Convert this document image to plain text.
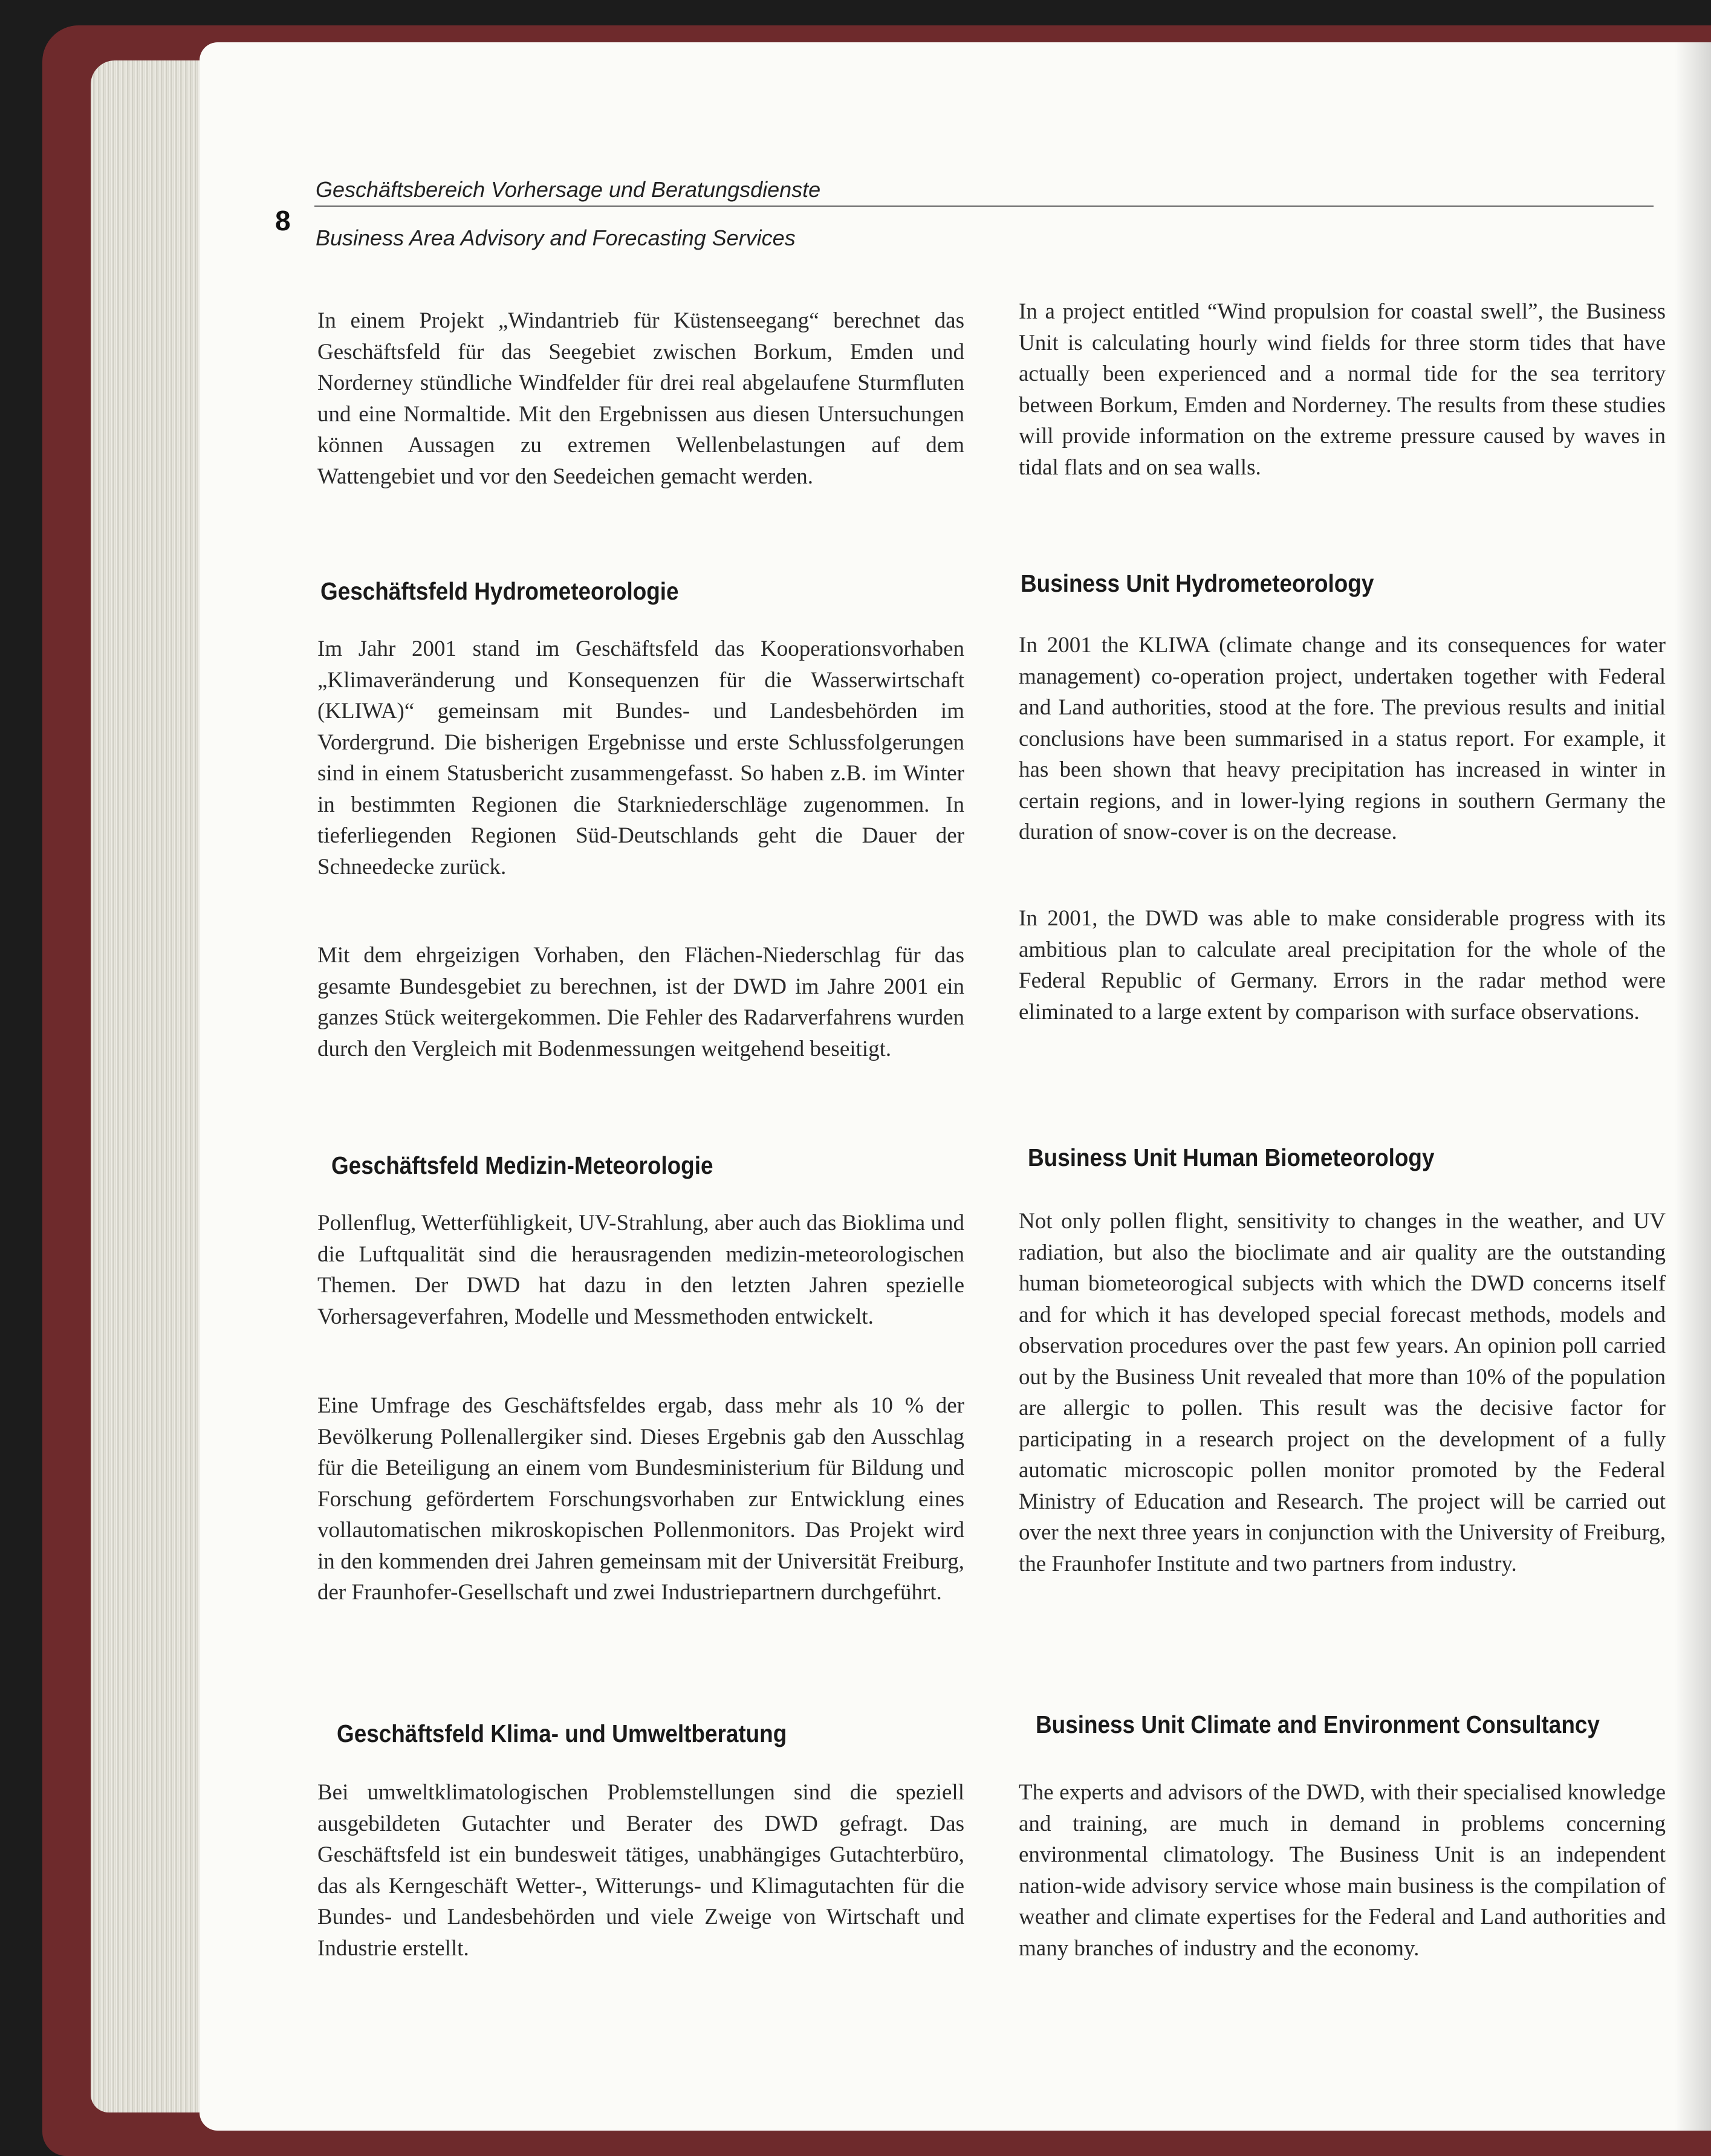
8
Geschäftsbereich Vorhersage und Beratungsdienste
Business Area Advisory and Forecasting Services

In einem Projekt „Windantrieb für Küstenseegang“ berechnet das Geschäftsfeld für das Seegebiet zwischen Borkum, Emden und Norderney stündliche Windfelder für drei real abgelaufene Sturmfluten und eine Normaltide. Mit den Ergebnissen aus diesen Untersuchungen können Aussagen zu extremen Wellenbelastungen auf dem Wattengebiet und vor den Seedeichen gemacht werden.

Geschäftsfeld Hydrometeorologie

Im Jahr 2001 stand im Geschäftsfeld das Kooperationsvorhaben „Klimaveränderung und Konsequenzen für die Wasserwirtschaft (KLIWA)“ gemeinsam mit Bundes- und Landesbehörden im Vordergrund. Die bisherigen Ergebnisse und erste Schlussfolgerungen sind in einem Statusbericht zusammengefasst. So haben z.B. im Winter in bestimmten Regionen die Starkniederschläge zugenommen. In tieferliegenden Regionen Süd-Deutschlands geht die Dauer der Schneedecke zurück.

Mit dem ehrgeizigen Vorhaben, den Flächen-Niederschlag für das gesamte Bundesgebiet zu berechnen, ist der DWD im Jahre 2001 ein ganzes Stück weitergekommen. Die Fehler des Radarverfahrens wurden durch den Vergleich mit Bodenmessungen weitgehend beseitigt.

Geschäftsfeld Medizin-Meteorologie

Pollenflug, Wetterfühligkeit, UV-Strahlung, aber auch das Bioklima und die Luftqualität sind die herausragenden medizin-meteorologischen Themen. Der DWD hat dazu in den letzten Jahren spezielle Vorhersageverfahren, Modelle und Messmethoden entwickelt.

Eine Umfrage des Geschäftsfeldes ergab, dass mehr als 10 % der Bevölkerung Pollenallergiker sind. Dieses Ergebnis gab den Ausschlag für die Beteiligung an einem vom Bundesministerium für Bildung und Forschung gefördertem Forschungsvorhaben zur Entwicklung eines vollautomatischen mikroskopischen Pollenmonitors. Das Projekt wird in den kommenden drei Jahren gemeinsam mit der Universität Freiburg, der Fraunhofer-Gesellschaft und zwei Industriepartnern durchgeführt.

Geschäftsfeld Klima- und Umweltberatung

Bei umweltklimatologischen Problemstellungen sind die speziell ausgebildeten Gutachter und Berater des DWD gefragt. Das Geschäftsfeld ist ein bundesweit tätiges, unabhängiges Gutachterbüro, das als Kerngeschäft Wetter-, Witterungs- und Klimagutachten für die Bundes- und Landesbehörden und viele Zweige von Wirtschaft und Industrie erstellt.

In a project entitled “Wind propulsion for coastal swell”, the Business Unit is calculating hourly wind fields for three storm tides that have actually been experienced and a normal tide for the sea territory between Borkum, Emden and Norderney. The results from these studies will provide information on the extreme pressure caused by waves in tidal flats and on sea walls.

Business Unit Hydrometeorology

In 2001 the KLIWA (climate change and its consequences for water management) co-operation project, undertaken together with Federal and Land authorities, stood at the fore. The previous results and initial conclusions have been summarised in a status report. For example, it has been shown that heavy precipitation has increased in winter in certain regions, and in lower-lying regions in southern Germany the duration of snow-cover is on the decrease.

In 2001, the DWD was able to make considerable progress with its ambitious plan to calculate areal precipitation for the whole of the Federal Republic of Germany. Errors in the radar method were eliminated to a large extent by comparison with surface observations.

Business Unit Human Biometeorology

Not only pollen flight, sensitivity to changes in the weather, and UV radiation, but also the bioclimate and air quality are the outstanding human biometeorogical subjects with which the DWD concerns itself and for which it has developed special forecast methods, models and observation procedures over the past few years. An opinion poll carried out by the Business Unit revealed that more than 10% of the population are allergic to pollen. This result was the decisive factor for participating in a research project on the development of a fully automatic microscopic pollen monitor promoted by the Federal Ministry of Education and Research. The project will be carried out over the next three years in conjunction with the University of Freiburg, the Fraunhofer Institute and two partners from industry.

Business Unit Climate and Environment Consultancy

The experts and advisors of the DWD, with their specialised knowledge and training, are much in demand in problems concerning environmental climatology. The Business Unit is an independent nation-wide advisory service whose main business is the compilation of weather and climate expertises for the Federal and Land authorities and many branches of industry and the economy.
